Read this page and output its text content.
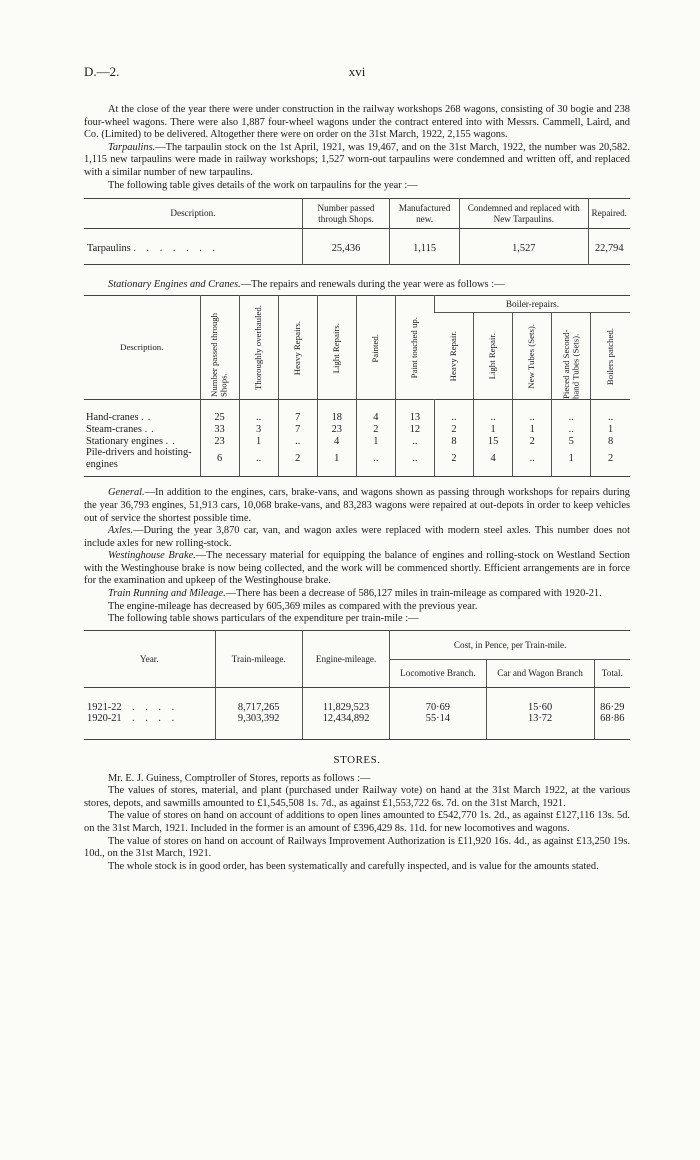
D.—2.	xvi

At the close of the year there were under construction in the railway workshops 268 wagons, consisting of 30 bogie and 238 four-wheel wagons. There were also 1,887 four-wheel wagons under the contract entered into with Messrs. Cammell, Laird, and Co. (Limited) to be delivered. Altogether there were on order on the 31st March, 1922, 2,155 wagons.

Tarpaulins.—The tarpaulin stock on the 1st April, 1921, was 19,467, and on the 31st March, 1922, the number was 20,582. 1,115 new tarpaulins were made in railway workshops; 1,527 worn-out tarpaulins were condemned and written off, and replaced with a similar number of new tarpaulins.

The following table gives details of the work on tarpaulins for the year :—

Description.	Number passed through Shops.	Manufactured new.	Condemned and replaced with New Tarpaulins.	Repaired.
Tarpaulins . . . . . . .	25,436	1,115	1,527	22,794

Stationary Engines and Cranes.—The repairs and renewals during the year were as follows :—

Description.	Number passed through Shops.	Thoroughly overhauled.	Heavy Repairs.	Light Repairs.	Painted.	Paint touched up.	Boiler-repairs.				

							Heavy Repair.	Light Repair.	New Tubes (Sets).	Pieced and Second-hand Tubes (Sets).	Boilers patched.

Hand-cranes ..	25	..	7	18	4	13	..	..	..	..	..
Steam-cranes ..	33	3	7	23	2	12	2	1	1	..	1
Stationary engines ..	23	1	..	4	1	..	8	15	2	5	8
Pile-drivers and hoisting-engines	6	..	2	1	..	..	2	4	..	1	2

General.—In addition to the engines, cars, brake-vans, and wagons shown as passing through workshops for repairs during the year 36,793 engines, 51,913 cars, 10,068 brake-vans, and 83,283 wagons were repaired at out-depots in order to keep vehicles out of service the shortest possible time.

Axles.—During the year 3,870 car, van, and wagon axles were replaced with modern steel axles. This number does not include axles for new rolling-stock.

Westinghouse Brake.—The necessary material for equipping the balance of engines and rolling-stock on Westland Section with the Westinghouse brake is now being collected, and the work will be commenced shortly. Efficient arrangements are in force for the examination and upkeep of the Westinghouse brake.

Train Running and Mileage.—There has been a decrease of 586,127 miles in train-mileage as compared with 1920-21.

The engine-mileage has decreased by 605,369 miles as compared with the previous year.

The following table shows particulars of the expenditure per train-mile :—

Year.	Train-mileage.	Engine-mileage.	Cost, in Pence, per Train-mile.		
			Locomotive Branch.	Car and Wagon Branch	Total.
1921-22 . . . .	8,717,265	11,829,523	70·69	15·60	86·29
1920-21 . . . .	9,303,392	12,434,892	55·14	13·72	68·86
STORES.

Mr. E. J. Guiness, Comptroller of Stores, reports as follows :—

The values of stores, material, and plant (purchased under Railway vote) on hand at the 31st March 1922, at the various stores, depots, and sawmills amounted to £1,545,508 1s. 7d., as against £1,553,722 6s. 7d. on the 31st March, 1921.

The value of stores on hand on account of additions to open lines amounted to £542,770 1s. 2d., as against £127,116 13s. 5d. on the 31st March, 1921. Included in the former is an amount of £396,429 8s. 11d. for new locomotives and wagons.

The value of stores on hand on account of Railways Improvement Authorization is £11,920 16s. 4d., as against £13,250 19s. 10d., on the 31st March, 1921.

The whole stock is in good order, has been systematically and carefully inspected, and is value for the amounts stated.
